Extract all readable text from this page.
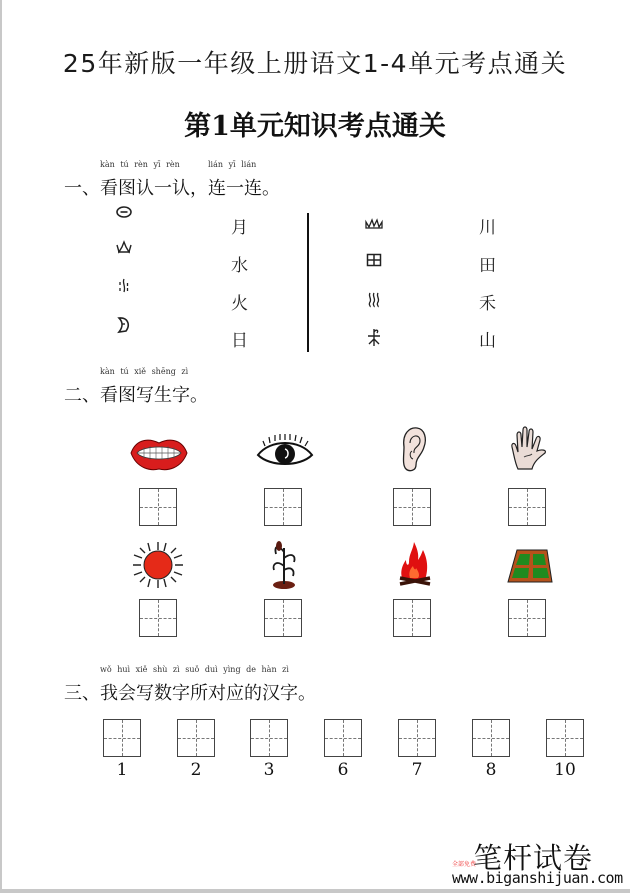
25年新版一年级上册语文1-4单元考点通关
第1单元知识考点通关
一、
kàn tú rèn yī rèn
看图认一认，
lián yī lián
连一连。
月
水
火
日
川
田
禾
山
二、
kàn tú xiě shēng zì
看图写生字。
三、
wǒ huì xiě shù zì suǒ duì yìng de hàn zì
我会写数字所对应的汉字。
1	2	3	6	7	8	10
全部免费
笔杆试卷
www.biganshijuan.com
